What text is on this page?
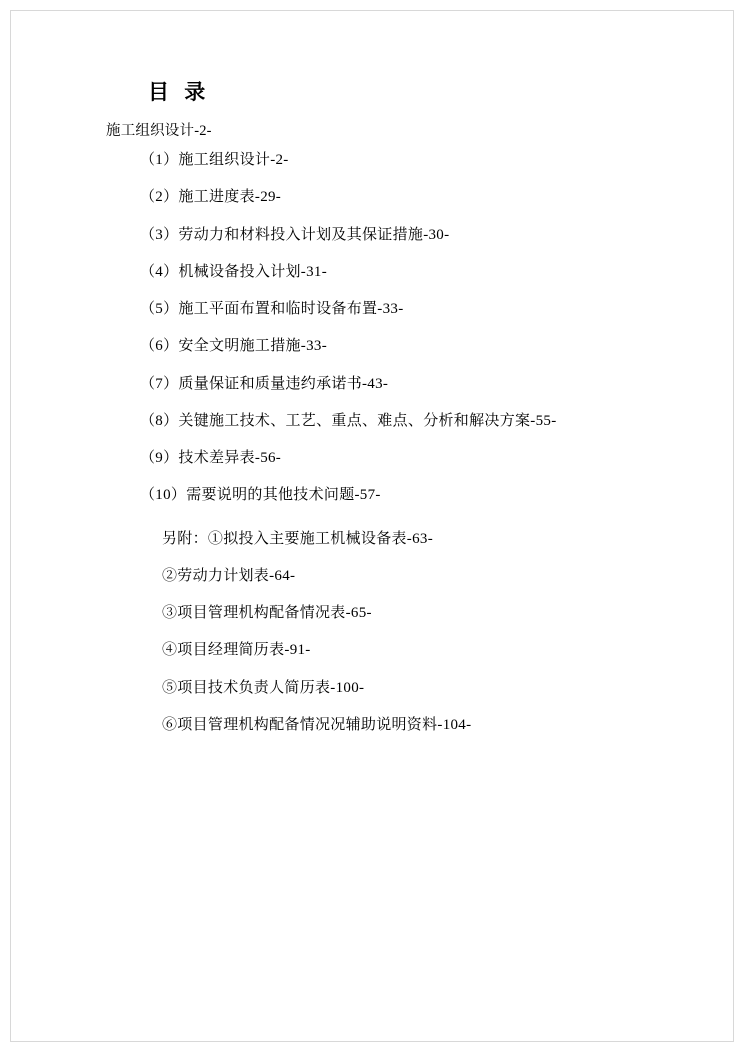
目 录
施工组织设计-2-
（1）施工组织设计-2-
（2）施工进度表-29-
（3）劳动力和材料投入计划及其保证措施-30-
（4）机械设备投入计划-31-
（5）施工平面布置和临时设备布置-33-
（6）安全文明施工措施-33-
（7）质量保证和质量违约承诺书-43-
（8）关键施工技术、工艺、重点、难点、分析和解决方案-55-
（9）技术差异表-56-
（10）需要说明的其他技术问题-57-
另附：①拟投入主要施工机械设备表-63-
②劳动力计划表-64-
③项目管理机构配备情况表-65-
④项目经理简历表-91-
⑤项目技术负责人简历表-100-
⑥项目管理机构配备情况况辅助说明资料-104-
